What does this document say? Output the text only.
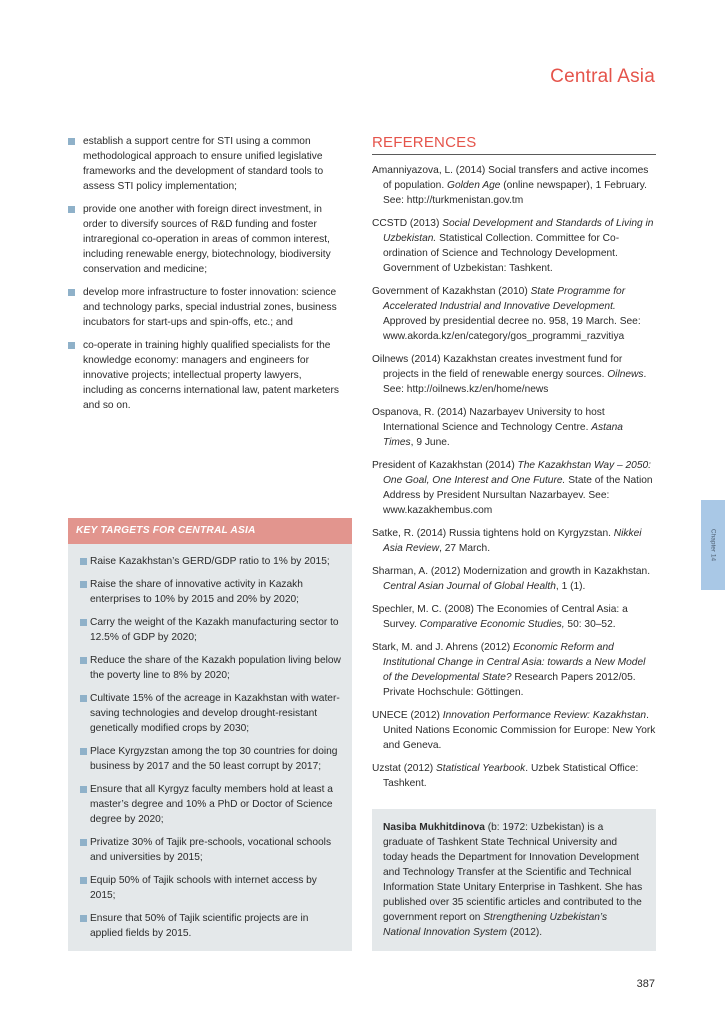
Central Asia
establish a support centre for STI using a common methodological approach to ensure unified legislative frameworks and the development of standard tools to assess STI policy implementation;
provide one another with foreign direct investment, in order to diversify sources of R&D funding and foster intraregional co-operation in areas of common interest, including renewable energy, biotechnology, biodiversity conservation and medicine;
develop more infrastructure to foster innovation: science and technology parks, special industrial zones, business incubators for start-ups and spin-offs, etc.; and
co-operate in training highly qualified specialists for the knowledge economy: managers and engineers for innovative projects; intellectual property lawyers, including as concerns international law, patent marketers and so on.
KEY TARGETS FOR CENTRAL ASIA
Raise Kazakhstan’s GERD/GDP ratio to 1% by 2015;
Raise the share of innovative activity in Kazakh enterprises to 10% by 2015 and 20% by 2020;
Carry the weight of the Kazakh manufacturing sector to 12.5% of GDP by 2020;
Reduce the share of the Kazakh population living below the poverty line to 8% by 2020;
Cultivate 15% of the acreage in Kazakhstan with water-saving technologies and develop drought-resistant genetically modified crops by 2030;
Place Kyrgyzstan among the top 30 countries for doing business by 2017 and the 50 least corrupt by 2017;
Ensure that all Kyrgyz faculty members hold at least a master’s degree and 10% a PhD or Doctor of Science degree by 2020;
Privatize 30% of Tajik pre-schools, vocational schools and universities by 2015;
Equip 50% of Tajik schools with internet access by 2015;
Ensure that 50% of Tajik scientific projects are in applied fields by 2015.
REFERENCES
Amanniyazova, L. (2014) Social transfers and active incomes of population. Golden Age (online newspaper), 1 February. See: http://turkmenistan.gov.tm
CCSTD (2013) Social Development and Standards of Living in Uzbekistan. Statistical Collection. Committee for Co-ordination of Science and Technology Development. Government of Uzbekistan: Tashkent.
Government of Kazakhstan (2010) State Programme for Accelerated Industrial and Innovative Development. Approved by presidential decree no. 958, 19 March. See: www.akorda.kz/en/category/gos_programmi_razvitiya
Oilnews (2014) Kazakhstan creates investment fund for projects in the field of renewable energy sources. Oilnews. See: http://oilnews.kz/en/home/news
Ospanova, R. (2014) Nazarbayev University to host International Science and Technology Centre. Astana Times, 9 June.
President of Kazakhstan (2014) The Kazakhstan Way – 2050: One Goal, One Interest and One Future. State of the Nation Address by President Nursultan Nazarbayev. See: www.kazakhembus.com
Satke, R. (2014) Russia tightens hold on Kyrgyzstan. Nikkei Asia Review, 27 March.
Sharman, A. (2012) Modernization and growth in Kazakhstan. Central Asian Journal of Global Health, 1 (1).
Spechler, M. C. (2008) The Economies of Central Asia: a Survey. Comparative Economic Studies, 50: 30–52.
Stark, M. and J. Ahrens (2012) Economic Reform and Institutional Change in Central Asia: towards a New Model of the Developmental State? Research Papers 2012/05. Private Hochschule: Göttingen.
UNECE (2012) Innovation Performance Review: Kazakhstan. United Nations Economic Commission for Europe: New York and Geneva.
Uzstat (2012) Statistical Yearbook. Uzbek Statistical Office: Tashkent.
Nasiba Mukhitdinova (b: 1972: Uzbekistan) is a graduate of Tashkent State Technical University and today heads the Department for Innovation Development and Technology Transfer at the Scientific and Technical Information State Unitary Enterprise in Tashkent. She has published over 35 scientific articles and contributed to the government report on Strengthening Uzbekistan’s National Innovation System (2012).
Chapter 14
387
